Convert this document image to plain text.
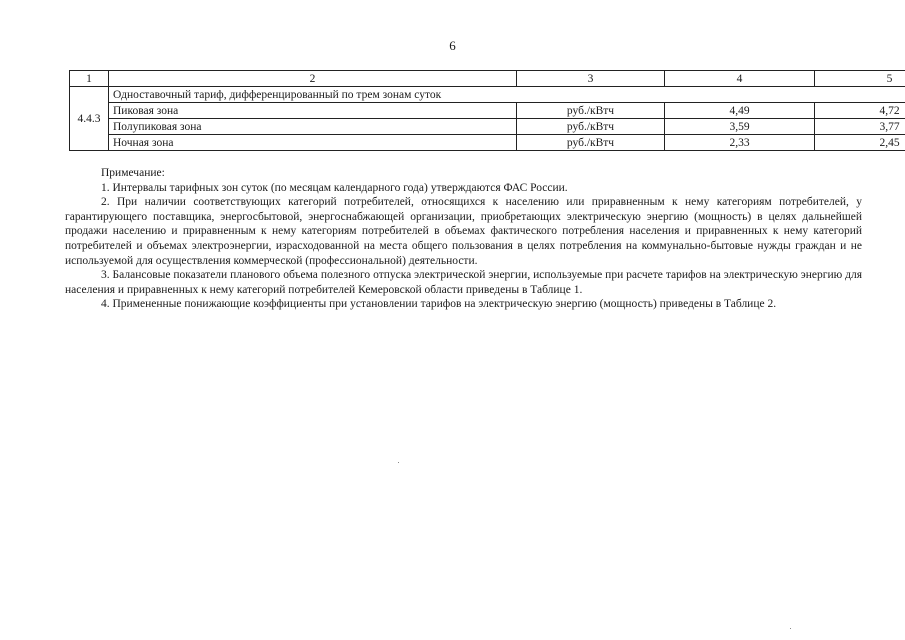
6
1	2	3	4	5
4.4.3	Одноставочный тариф, дифференцированный по трем зонам суток			
	Пиковая зона	руб./кВтч	4,49	4,72
	Полупиковая зона	руб./кВтч	3,59	3,77
	Ночная зона	руб./кВтч	2,33	2,45

Примечание:

1. Интервалы тарифных зон суток (по месяцам календарного года) утверждаются ФАС России.

2. При наличии соответствующих категорий потребителей, относящихся к населению или приравненным к нему категориям потребителей, у гарантирующего поставщика, энергосбытовой, энергоснабжающей организации, приобретающих электрическую энергию (мощность) в целях дальнейшей продажи населению и приравненным к нему категориям потребителей в объемах фактического потребления населения и приравненных к нему категорий потребителей и объемах электроэнергии, израсходованной на места общего пользования в целях потребления на коммунально-бытовые нужды граждан и не используемой для осуществления коммерческой (профессиональной) деятельности.

3. Балансовые показатели планового объема полезного отпуска электрической энергии, используемые при расчете тарифов на электрическую энергию для населения и приравненных к нему категорий потребителей Кемеровской области приведены в Таблице 1.

4. Примененные понижающие коэффициенты при установлении тарифов на электрическую энергию (мощность) приведены в Таблице 2.
